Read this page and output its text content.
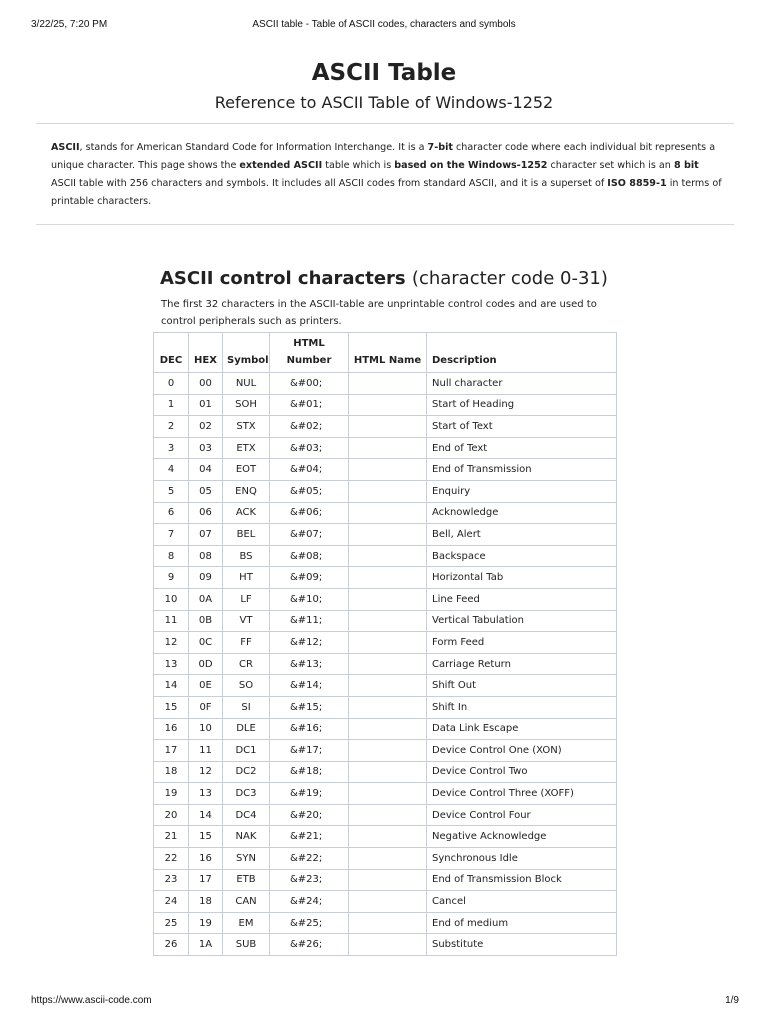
3/22/25, 7:20 PM	ASCII table - Table of ASCII codes, characters and symbols
ASCII Table
Reference to ASCII Table of Windows-1252
ASCII, stands for American Standard Code for Information Interchange. It is a 7-bit character code where each individual bit represents a unique character. This page shows the extended ASCII table which is based on the Windows-1252 character set which is an 8 bit ASCII table with 256 characters and symbols. It includes all ASCII codes from standard ASCII, and it is a superset of ISO 8859-1 in terms of printable characters.
ASCII control characters (character code 0-31)
The first 32 characters in the ASCII-table are unprintable control codes and are used to control peripherals such as printers.
DEC	HEX	Symbol	HTML Number	HTML Name	Description
0	00	NUL	&#00;		Null character
1	01	SOH	&#01;		Start of Heading
2	02	STX	&#02;		Start of Text
3	03	ETX	&#03;		End of Text
4	04	EOT	&#04;		End of Transmission
5	05	ENQ	&#05;		Enquiry
6	06	ACK	&#06;		Acknowledge
7	07	BEL	&#07;		Bell, Alert
8	08	BS	&#08;		Backspace
9	09	HT	&#09;		Horizontal Tab
10	0A	LF	&#10;		Line Feed
11	0B	VT	&#11;		Vertical Tabulation
12	0C	FF	&#12;		Form Feed
13	0D	CR	&#13;		Carriage Return
14	0E	SO	&#14;		Shift Out
15	0F	SI	&#15;		Shift In
16	10	DLE	&#16;		Data Link Escape
17	11	DC1	&#17;		Device Control One (XON)
18	12	DC2	&#18;		Device Control Two
19	13	DC3	&#19;		Device Control Three (XOFF)
20	14	DC4	&#20;		Device Control Four
21	15	NAK	&#21;		Negative Acknowledge
22	16	SYN	&#22;		Synchronous Idle
23	17	ETB	&#23;		End of Transmission Block
24	18	CAN	&#24;		Cancel
25	19	EM	&#25;		End of medium
26	1A	SUB	&#26;		Substitute
https://www.ascii-code.com	1/9
